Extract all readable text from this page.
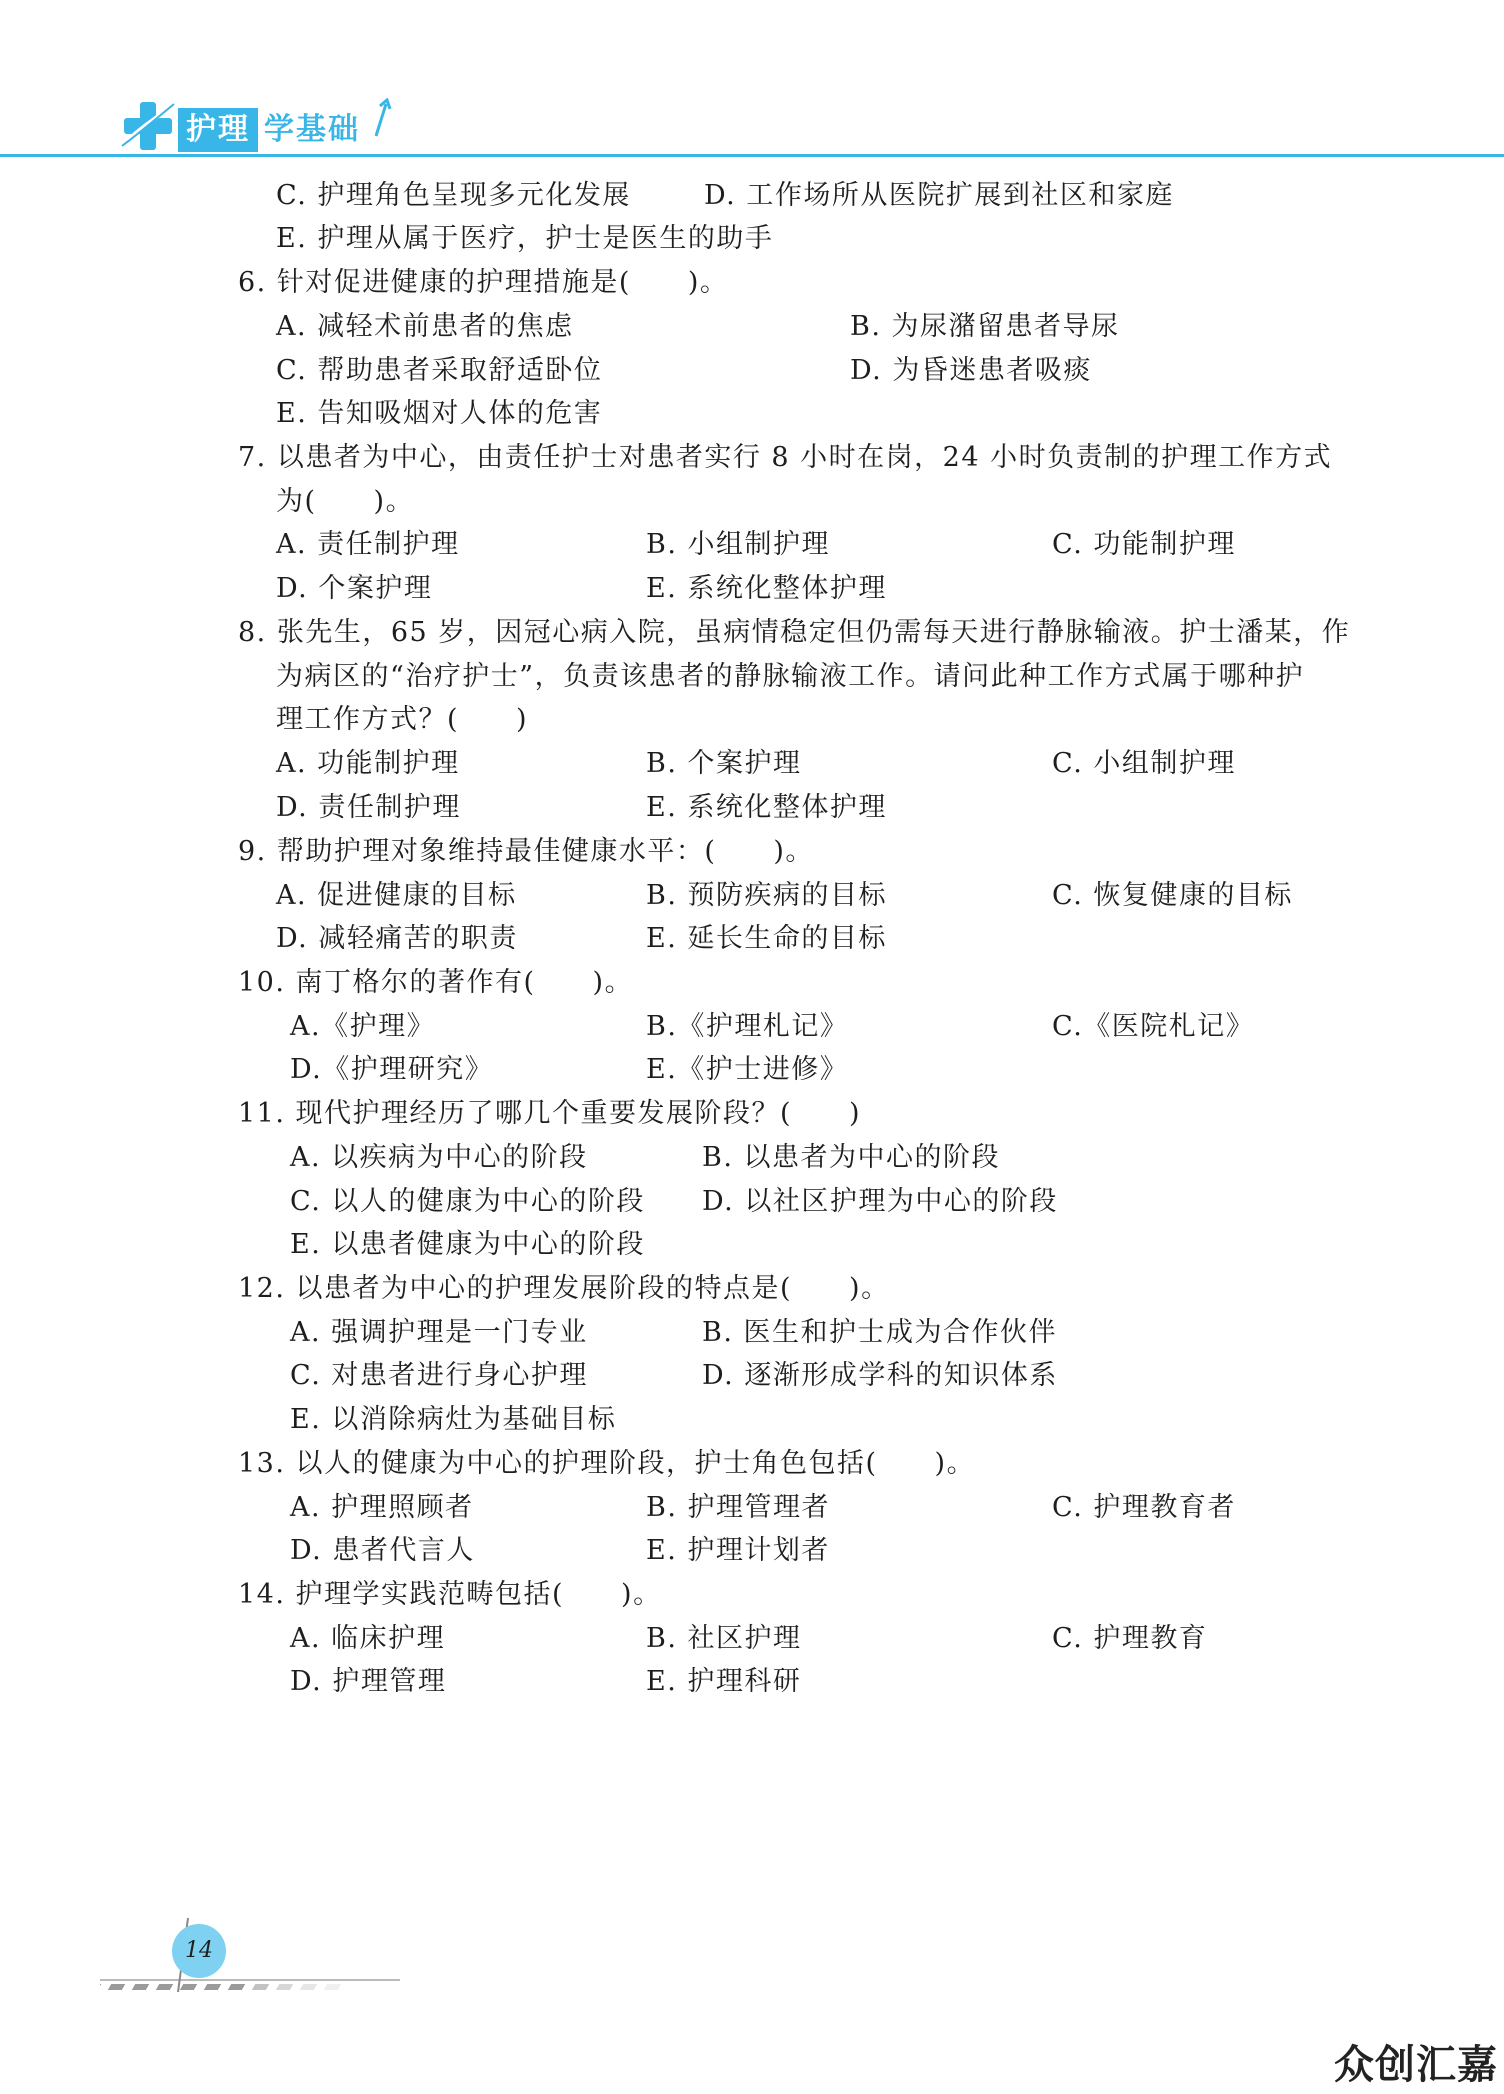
护理 学基础
C. 护理角色呈现多元化发展	D. 工作场所从医院扩展到社区和家庭
E. 护理从属于医疗，护士是医生的助手
6. 针对促进健康的护理措施是(　　)。
A. 减轻术前患者的焦虑	B. 为尿潴留患者导尿
C. 帮助患者采取舒适卧位	D. 为昏迷患者吸痰
E. 告知吸烟对人体的危害
7. 以患者为中心，由责任护士对患者实行 8 小时在岗，24 小时负责制的护理工作方式
为(　　)。
A. 责任制护理	B. 小组制护理	C. 功能制护理
D. 个案护理	E. 系统化整体护理
8. 张先生，65 岁，因冠心病入院，虽病情稳定但仍需每天进行静脉输液。护士潘某，作
为病区的“治疗护士”，负责该患者的静脉输液工作。请问此种工作方式属于哪种护
理工作方式？(　　)
A. 功能制护理	B. 个案护理	C. 小组制护理
D. 责任制护理	E. 系统化整体护理
9. 帮助护理对象维持最佳健康水平：(　　)。
A. 促进健康的目标	B. 预防疾病的目标	C. 恢复健康的目标
D. 减轻痛苦的职责	E. 延长生命的目标
10. 南丁格尔的著作有(　　)。
A.《护理》	B.《护理札记》	C.《医院札记》
D.《护理研究》	E.《护士进修》
11. 现代护理经历了哪几个重要发展阶段？(　　)
A. 以疾病为中心的阶段	B. 以患者为中心的阶段
C. 以人的健康为中心的阶段 D. 以社区护理为中心的阶段
E. 以患者健康为中心的阶段
12. 以患者为中心的护理发展阶段的特点是(　　)。
A. 强调护理是一门专业	B. 医生和护士成为合作伙伴
C. 对患者进行身心护理	D. 逐渐形成学科的知识体系
E. 以消除病灶为基础目标
13. 以人的健康为中心的护理阶段，护士角色包括(　　)。
A. 护理照顾者	B. 护理管理者	C. 护理教育者
D. 患者代言人	E. 护理计划者
14. 护理学实践范畴包括(　　)。
A. 临床护理	B. 社区护理	C. 护理教育
D. 护理管理	E. 护理科研
14
众创汇嘉
